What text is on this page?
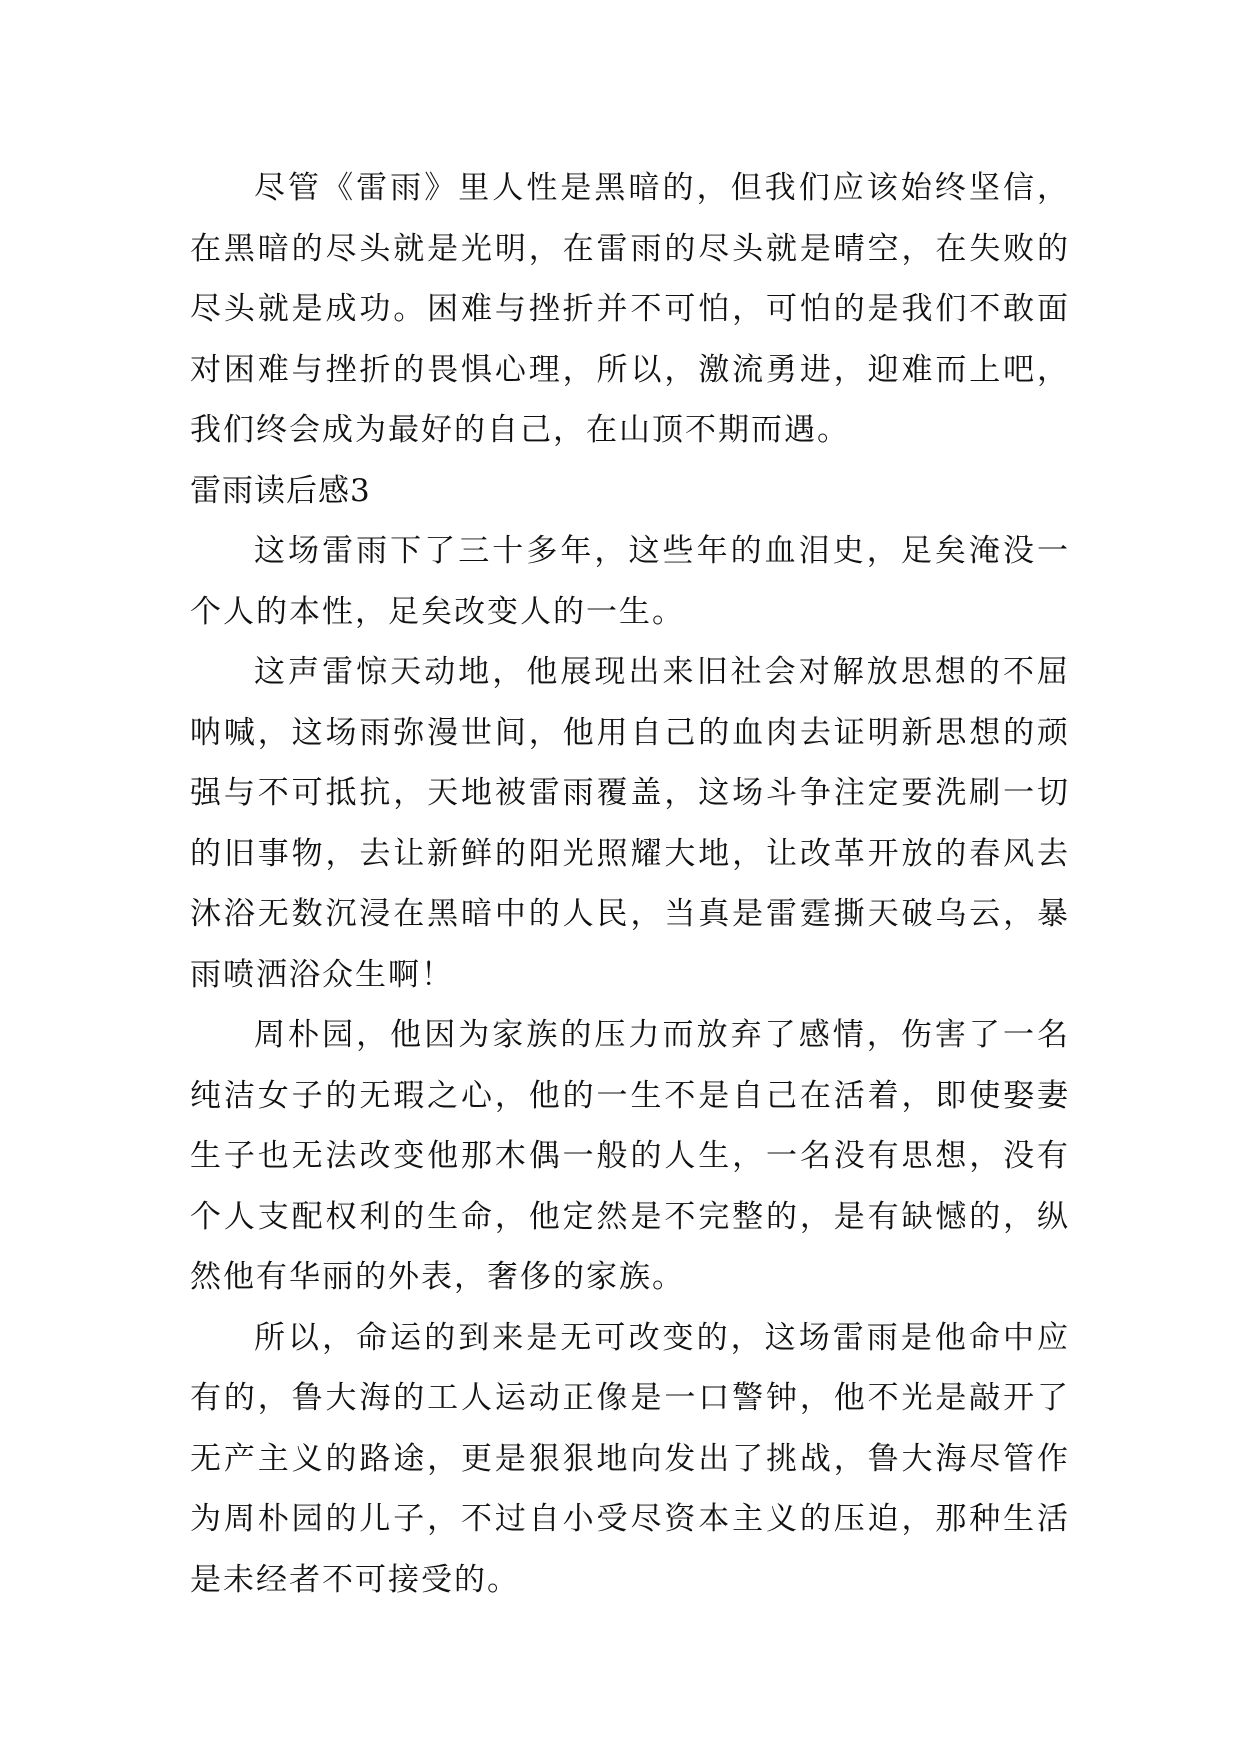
尽管《雷雨》里人性是黑暗的，但我们应该始终坚信，在黑暗的尽头就是光明，在雷雨的尽头就是晴空，在失败的尽头就是成功。困难与挫折并不可怕，可怕的是我们不敢面对困难与挫折的畏惧心理，所以，激流勇进，迎难而上吧，我们终会成为最好的自己，在山顶不期而遇。

雷雨读后感3

这场雷雨下了三十多年，这些年的血泪史，足矣淹没一个人的本性，足矣改变人的一生。

这声雷惊天动地，他展现出来旧社会对解放思想的不屈呐喊，这场雨弥漫世间，他用自己的血肉去证明新思想的顽强与不可抵抗，天地被雷雨覆盖，这场斗争注定要洗刷一切的旧事物，去让新鲜的阳光照耀大地，让改革开放的春风去沐浴无数沉浸在黑暗中的人民，当真是雷霆撕天破乌云，暴雨喷洒浴众生啊！

周朴园，他因为家族的压力而放弃了感情，伤害了一名纯洁女子的无瑕之心，他的一生不是自己在活着，即使娶妻生子也无法改变他那木偶一般的人生，一名没有思想，没有个人支配权利的生命，他定然是不完整的，是有缺憾的，纵然他有华丽的外表，奢侈的家族。

所以，命运的到来是无可改变的，这场雷雨是他命中应有的，鲁大海的工人运动正像是一口警钟，他不光是敲开了无产主义的路途，更是狠狠地向发出了挑战，鲁大海尽管作为周朴园的儿子，不过自小受尽资本主义的压迫，那种生活是未经者不可接受的。
